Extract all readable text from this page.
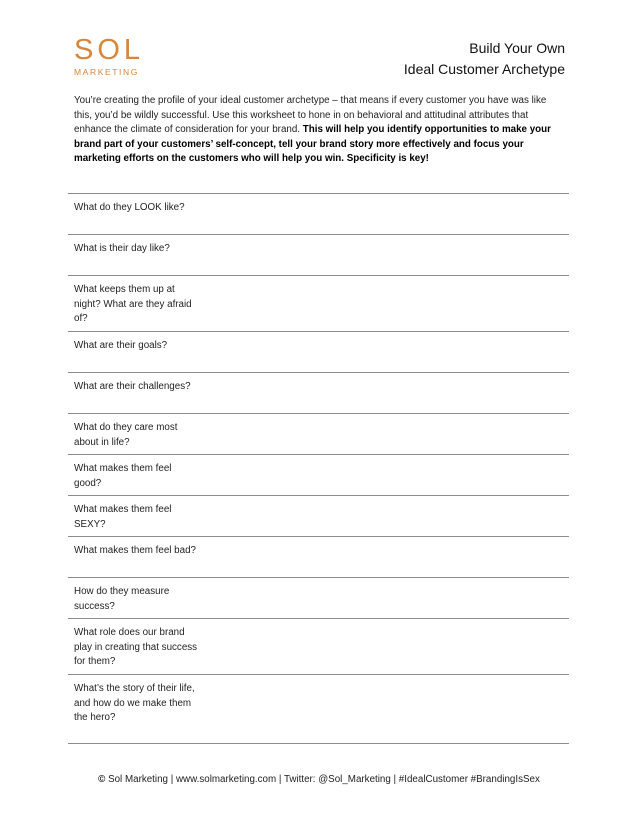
SOL
MARKETING
Build Your Own
Ideal Customer Archetype
You’re creating the profile of your ideal customer archetype – that means if every customer you have was like this, you’d be wildly successful. Use this worksheet to hone in on behavioral and attitudinal attributes that enhance the climate of consideration for your brand. This will help you identify opportunities to make your brand part of your customers’ self-concept, tell your brand story more effectively and focus your marketing efforts on the customers who will help you win. Specificity is key!
What do they LOOK like?
What is their day like?
What keeps them up at night? What are they afraid of?
What are their goals?
What are their challenges?
What do they care most about in life?
What makes them feel good?
What makes them feel SEXY?
What makes them feel bad?
How do they measure success?
What role does our brand play in creating that success for them?
What’s the story of their life, and how do we make them the hero?
© Sol Marketing | www.solmarketing.com | Twitter: @Sol_Marketing | #IdealCustomer #BrandingIsSex
